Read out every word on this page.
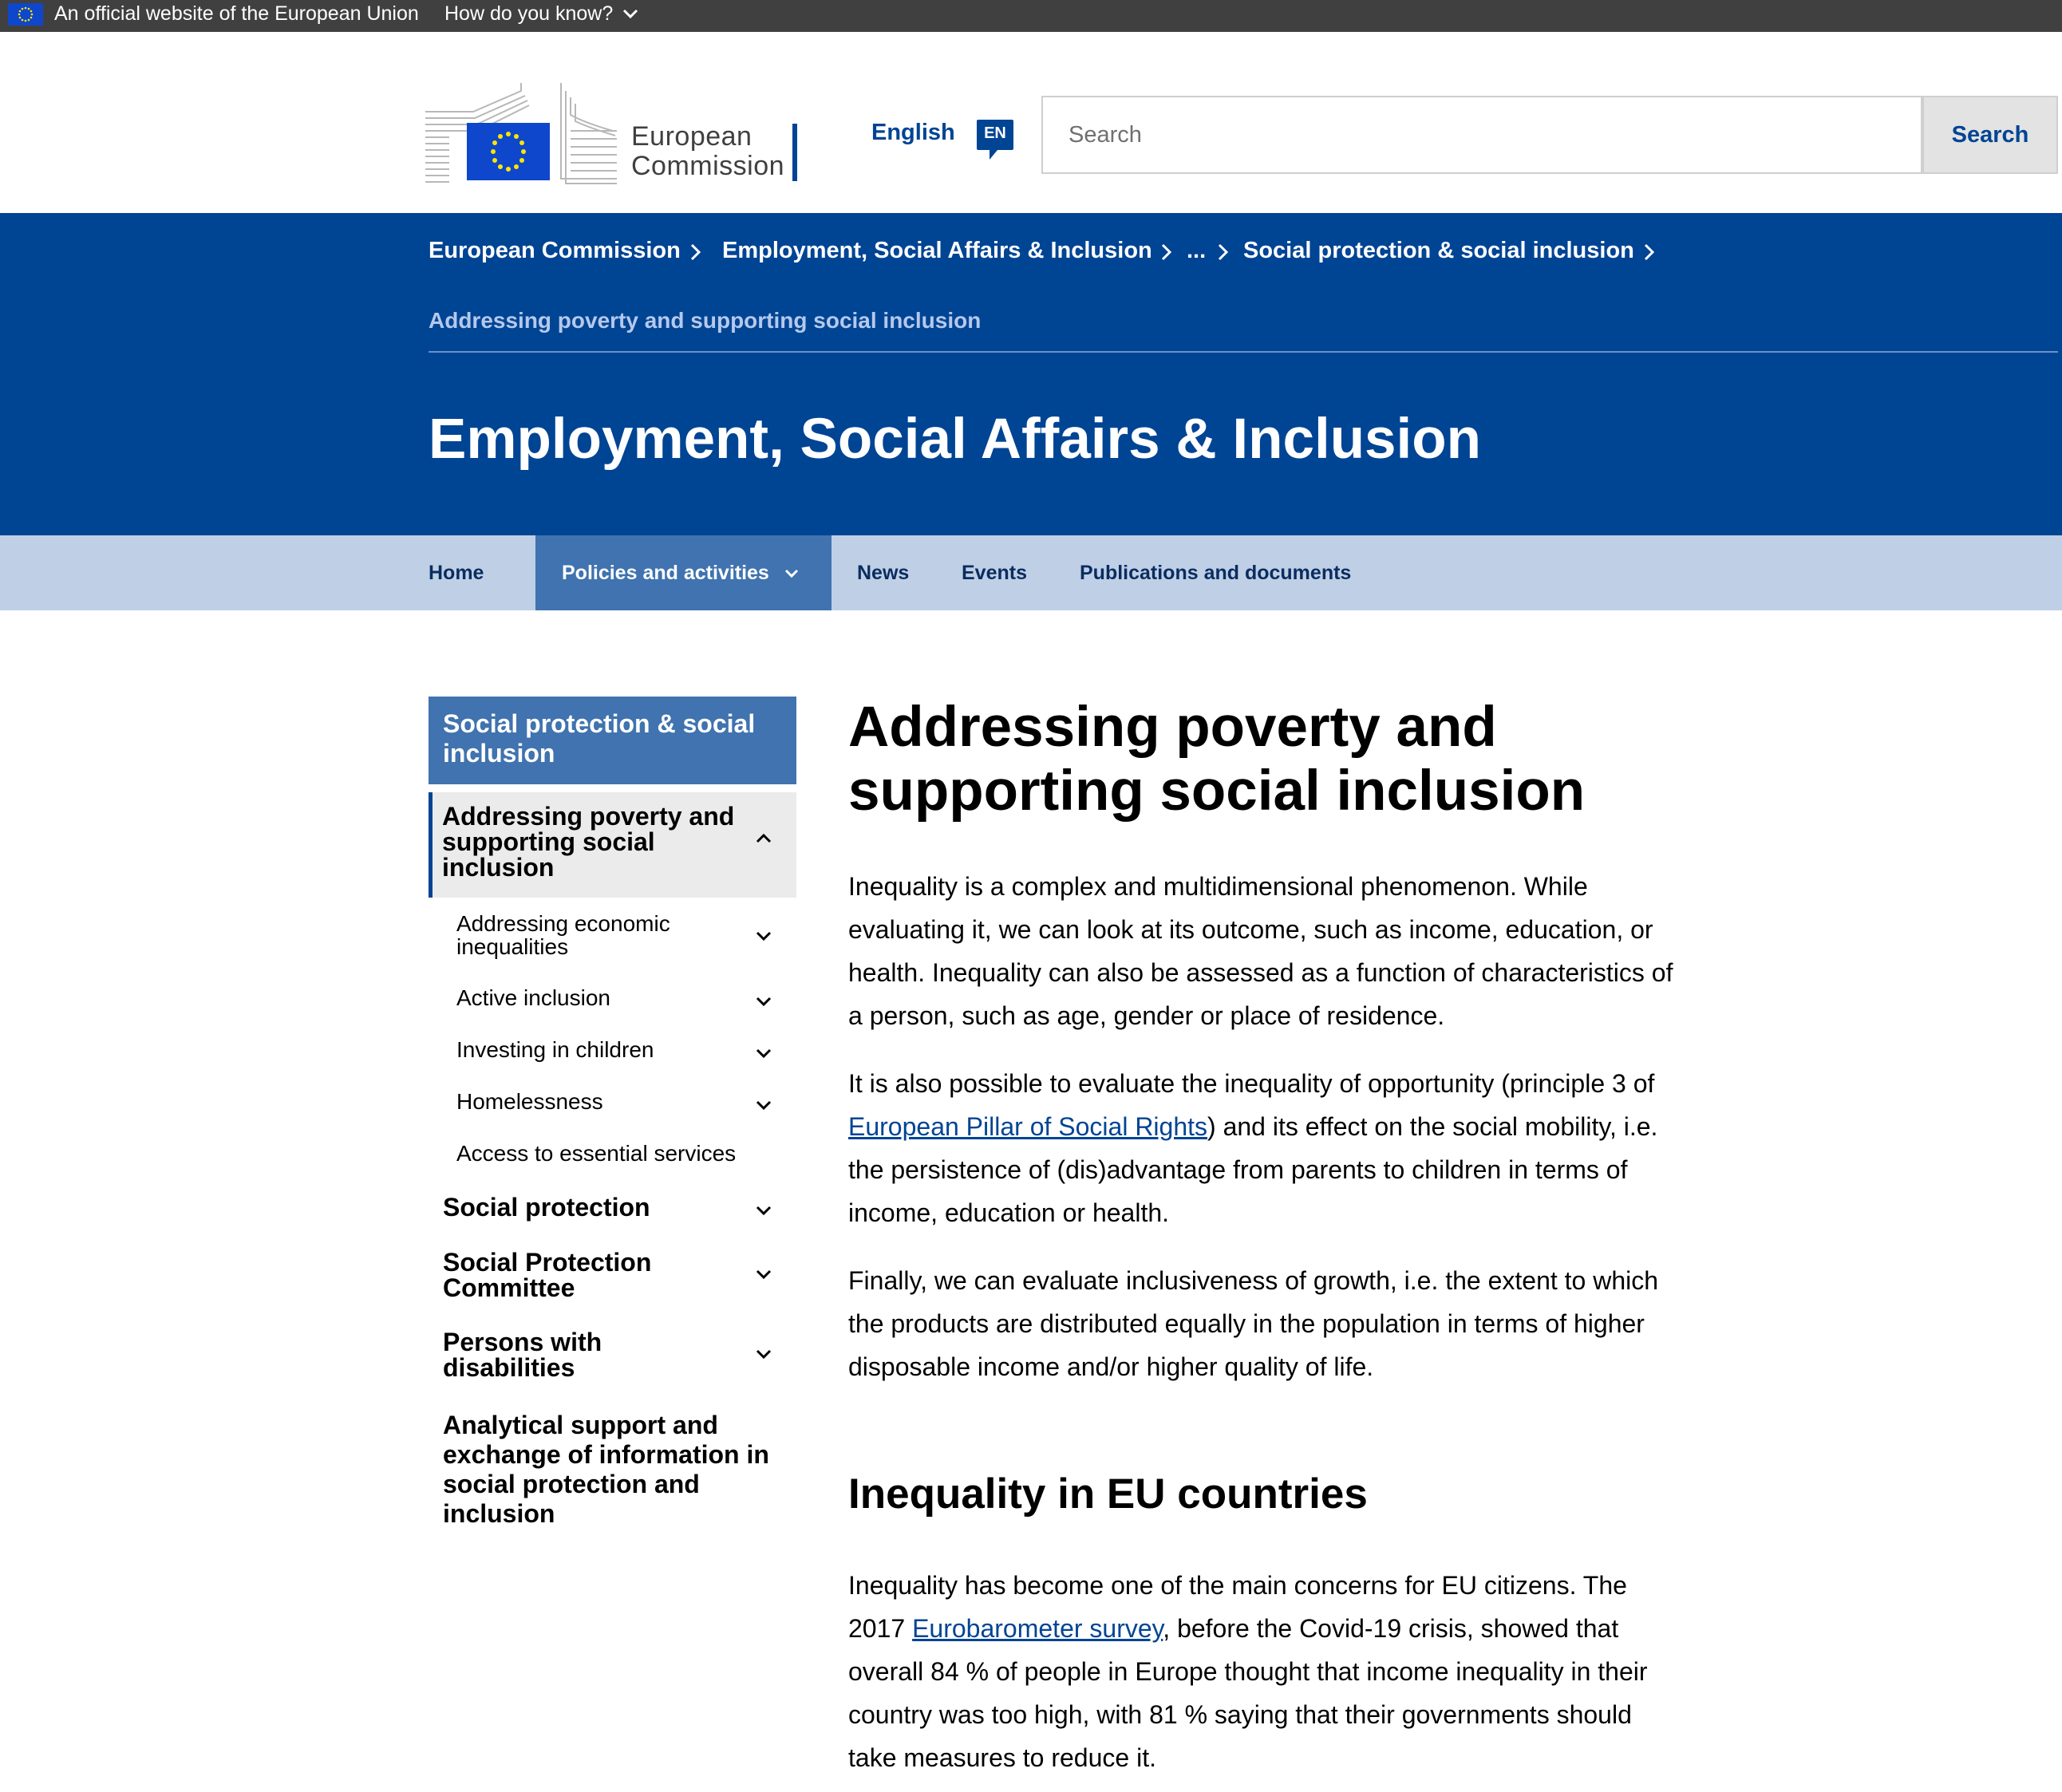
An official website of the European Union How do you know?
European
Commission
English	EN
Search	Search
European Commission Employment, Social Affairs & Inclusion ... Social protection & social inclusion
Addressing poverty and supporting social inclusion
Employment, Social Affairs & Inclusion
Home	Policies and activities	News	Events	Publications and documents
Social protection & social inclusion
Addressing poverty and supporting social inclusion
Addressing economic inequalities
Active inclusion
Investing in children
Homelessness
Access to essential services
Social protection
Social Protection Committee
Persons with disabilities
Analytical support and exchange of information in social protection and inclusion
Addressing poverty and supporting social inclusion

Inequality is a complex and multidimensional phenomenon. While evaluating it, we can look at its outcome, such as income, education, or health. Inequality can also be assessed as a function of characteristics of a person, such as age, gender or place of residence.

It is also possible to evaluate the inequality of opportunity (principle 3 of European Pillar of Social Rights) and its effect on the social mobility, i.e. the persistence of (dis)advantage from parents to children in terms of income, education or health.

Finally, we can evaluate inclusiveness of growth, i.e. the extent to which the products are distributed equally in the population in terms of higher disposable income and/or higher quality of life.

Inequality in EU countries

Inequality has become one of the main concerns for EU citizens. The 2017 Eurobarometer survey, before the Covid-19 crisis, showed that overall 84 % of people in Europe thought that income inequality in their country was too high, with 81 % saying that their governments should take measures to reduce it.
